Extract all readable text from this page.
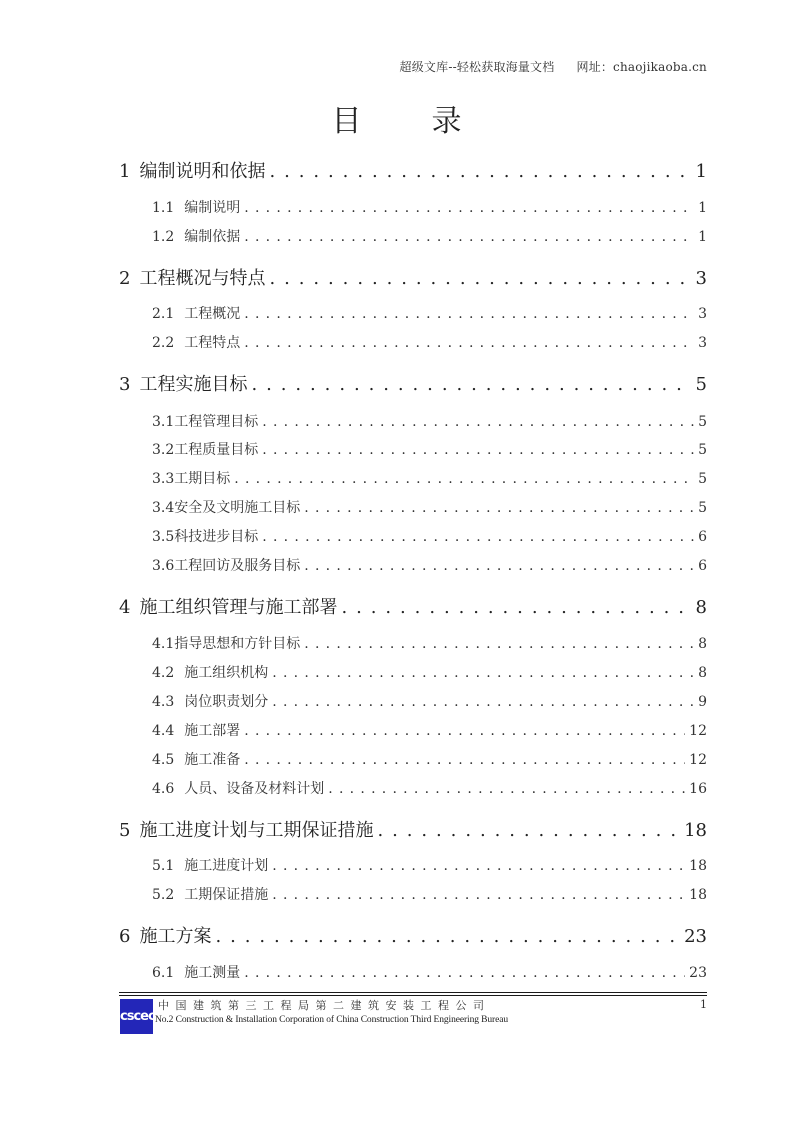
超级文库--轻松获取海量文档 网址：chaojikaoba.cn
目 录
1 编制说明和依据 . . .	1
1.1 编制说明 . . .	1
1.2 编制依据 . . .	1
2 工程概况与特点 . . .	3
2.1 工程概况 . . .	3
2.2 工程特点 . . .	3
3 工程实施目标 . . .	5
3.1 工程管理目标 . . .	5
3.2 工程质量目标 . . .	5
3.3 工期目标 . . .	5
3.4 安全及文明施工目标 . . .	5
3.5 科技进步目标 . . .	6
3.6 工程回访及服务目标 . . .	6
4 施工组织管理与施工部署 . . .	8
4.1 指导思想和方针目标 . . .	8
4.2 施工组织机构 . . .	8
4.3 岗位职责划分 . . .	9
4.4 施工部署 . . .	12
4.5 施工准备 . . .	12
4.6 人员、设备及材料计划 . . .	16
5 施工进度计划与工期保证措施 . . .	18
5.1 施工进度计划 . . .	18
5.2 工期保证措施 . . .	18
6 施工方案 . . .	23
6.1 施工测量 . . .	23
cscec
中国建筑第三工程局第二建筑安装工程公司
No.2 Construction & Installation Corporation of China Construction Third Engineering Bureau
1
